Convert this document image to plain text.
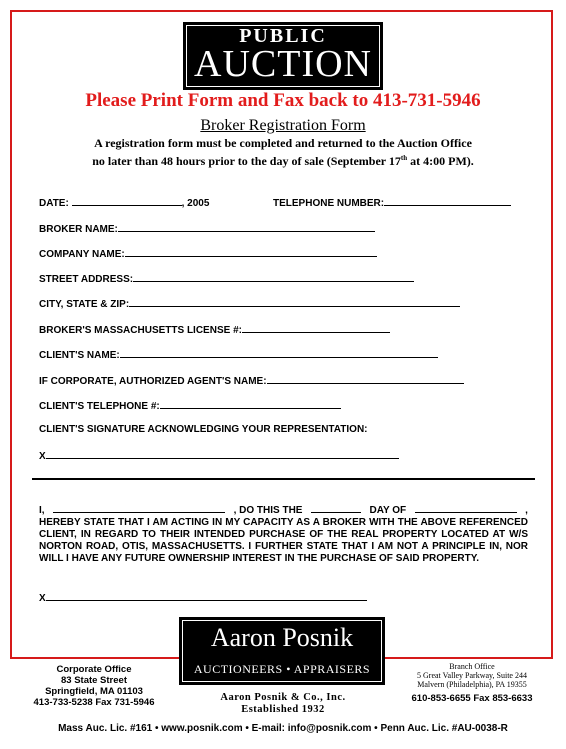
PUBLIC
AUCTION
Please Print Form and Fax back to 413-731-5946
Broker Registration Form
A registration form must be completed and returned to the Auction Office
no later than 48 hours prior to the day of sale (September 17th at 4:00 PM).
DATE:	, 2005	TELEPHONE NUMBER:
BROKER NAME:
COMPANY NAME:
STREET ADDRESS:
CITY, STATE & ZIP:
BROKER'S MASSACHUSETTS LICENSE #:
CLIENT'S NAME:
IF CORPORATE, AUTHORIZED AGENT'S NAME:
CLIENT'S TELEPHONE #:
CLIENT'S SIGNATURE ACKNOWLEDGING YOUR REPRESENTATION:
X
I,	, DO THIS THE	DAY OF	,
HEREBY STATE THAT I AM ACTING IN MY CAPACITY AS A BROKER WITH THE ABOVE REFERENCED CLIENT, IN REGARD TO THEIR INTENDED PURCHASE OF THE REAL PROPERTY LOCATED AT W/S NORTON ROAD, OTIS, MASSACHUSETTS. I FURTHER STATE THAT I AM NOT A PRINCIPLE IN, NOR WILL I HAVE ANY FUTURE OWNERSHIP INTEREST IN THE PURCHASE OF SAID PROPERTY.
X
Aaron Posnik
AUCTIONEERS • APPRAISERS
Corporate Office
83 State Street
Springfield, MA 01103
413-733-5238 Fax 731-5946
Branch Office
5 Great Valley Parkway, Suite 244
Malvern (Philadelphia), PA 19355
610-853-6655 Fax 853-6633
Aaron Posnik & Co., Inc.
Established 1932
Mass Auc. Lic. #161 • www.posnik.com • E-mail: info@posnik.com • Penn Auc. Lic. #AU-0038-R
